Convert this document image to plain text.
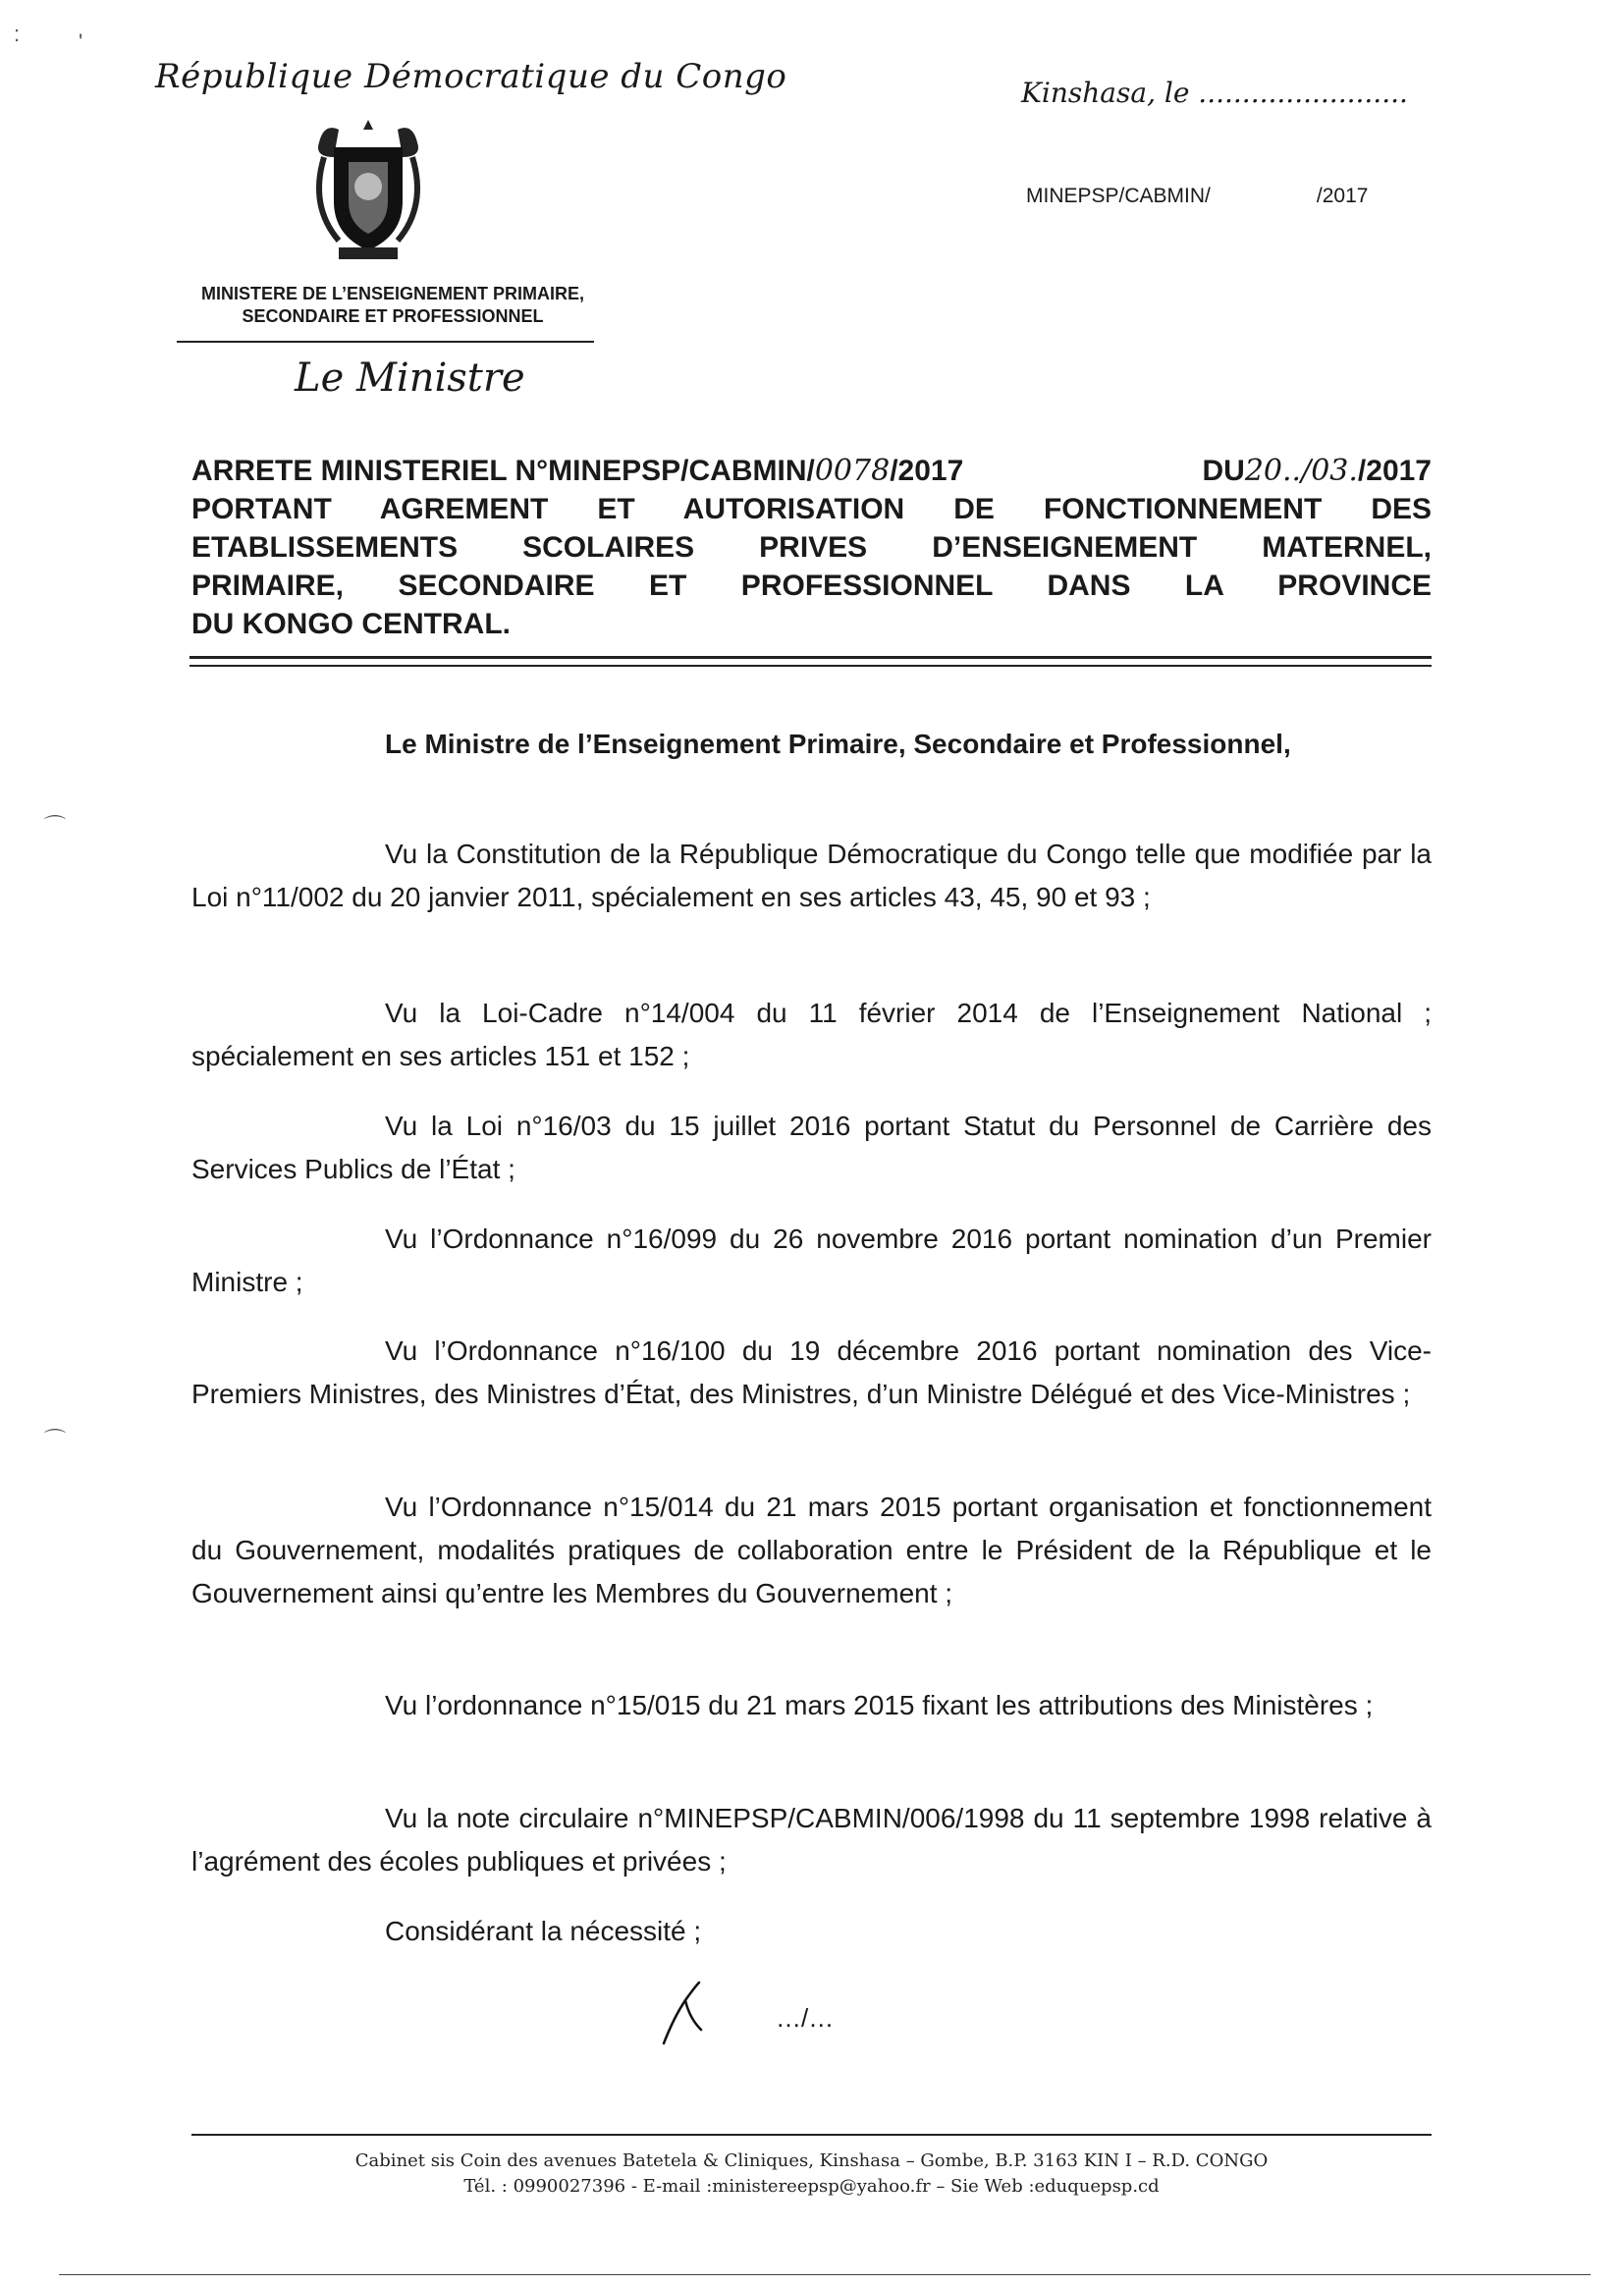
:	'
République Démocratique du Congo	Kinshasa, le ........................
MINEPSP/CABMIN/	/2017
MINISTERE DE L’ENSEIGNEMENT PRIMAIRE,
SECONDAIRE ET PROFESSIONNEL
Le Ministre
ARRETE MINISTERIEL N°MINEPSP/CABMIN/0078/2017	DU20../03./2017
PORTANT AGREMENT ET AUTORISATION DE FONCTIONNEMENT DES
ETABLISSEMENTS SCOLAIRES PRIVES D’ENSEIGNEMENT MATERNEL,
PRIMAIRE, SECONDAIRE ET PROFESSIONNEL DANS LA PROVINCE
DU KONGO CENTRAL.

Le Ministre de l’Enseignement Primaire, Secondaire et Professionnel,

Vu la Constitution de la République Démocratique du Congo telle que modifiée par la Loi n°11/002 du 20 janvier 2011, spécialement en ses articles 43, 45, 90 et 93 ;

Vu la Loi-Cadre n°14/004 du 11 février 2014 de l’Enseignement National ; spécialement en ses articles 151 et 152 ;

Vu la Loi n°16/03 du 15 juillet 2016 portant Statut du Personnel de Carrière des Services Publics de l’État ;

Vu l’Ordonnance n°16/099 du 26 novembre 2016 portant nomination d’un Premier Ministre ;

Vu l’Ordonnance n°16/100 du 19 décembre 2016 portant nomination des Vice-Premiers Ministres, des Ministres d’État, des Ministres, d’un Ministre Délégué et des Vice-Ministres ;

Vu l’Ordonnance n°15/014 du 21 mars 2015 portant organisation et fonctionnement du Gouvernement, modalités pratiques de collaboration entre le Président de la République et le Gouvernement ainsi qu’entre les Membres du Gouvernement ;

Vu l’ordonnance n°15/015 du 21 mars 2015 fixant les attributions des Ministères ;

Vu la note circulaire n°MINEPSP/CABMIN/006/1998 du 11 septembre 1998 relative à l’agrément des écoles publiques et privées ;

Considérant la nécessité ;

…/…
Cabinet sis Coin des avenues Batetela & Cliniques, Kinshasa – Gombe, B.P. 3163 KIN I – R.D. CONGO
Tél. : 0990027396 - E-mail :ministereepsp@yahoo.fr – Sie Web :eduquepsp.cd
⌒
⌒
